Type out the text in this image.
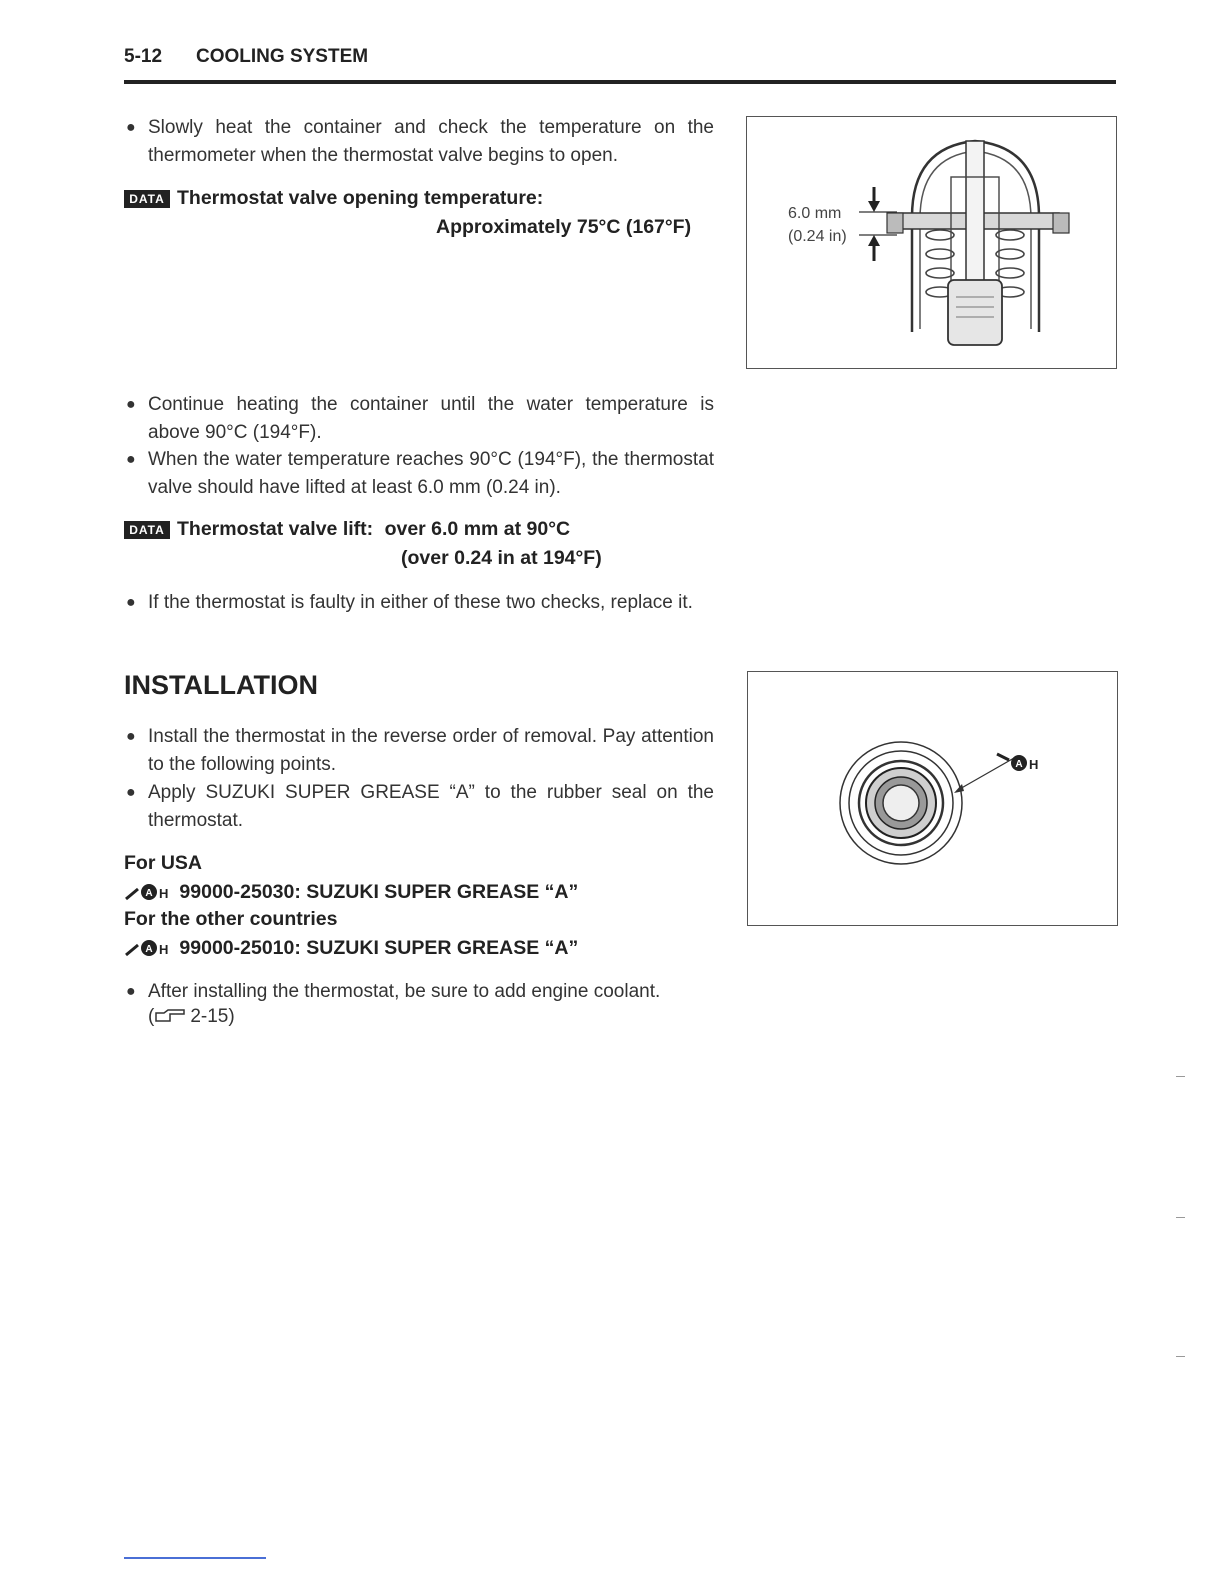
5-12 COOLING SYSTEM
● Slowly heat the container and check the temperature on the thermometer when the thermostat valve begins to open.
DATA Thermostat valve opening temperature:
Approximately 75°C (167°F)
6.0 mm
(0.24 in)
● Continue heating the container until the water temperature is above 90°C (194°F).
● When the water temperature reaches 90°C (194°F), the thermostat valve should have lifted at least 6.0 mm (0.24 in).
DATA Thermostat valve lift: over 6.0 mm at 90°C
(over 0.24 in at 194°F)
● If the thermostat is faulty in either of these two checks, replace it.
INSTALLATION
● Install the thermostat in the reverse order of removal. Pay attention to the following points.
● Apply SUZUKI SUPER GREASE “A” to the rubber seal on the thermostat.
For USA
A H 99000-25030: SUZUKI SUPER GREASE “A”
For the other countries
A H 99000-25010: SUZUKI SUPER GREASE “A”
● After installing the thermostat, be sure to add engine coolant.
( 2-15)
A H
